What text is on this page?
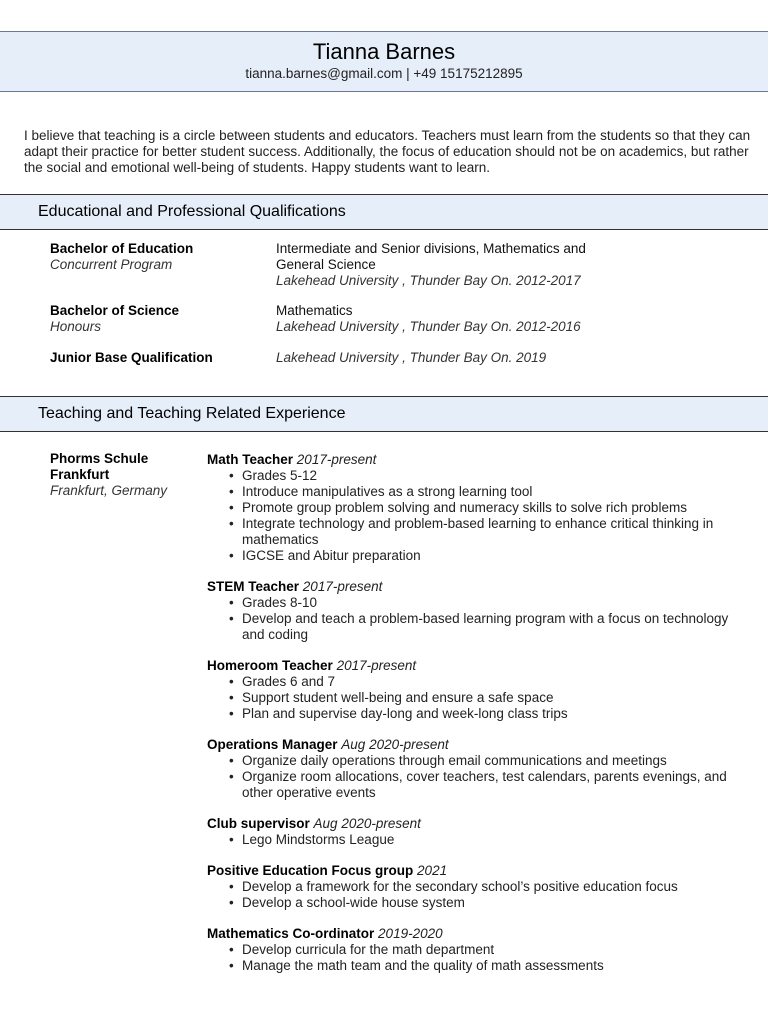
Tianna Barnes
tianna.barnes@gmail.com | +49 15175212895
I believe that teaching is a circle between students and educators. Teachers must learn from the students so that they can adapt their practice for better student success. Additionally, the focus of education should not be on academics, but rather the social and emotional well-being of students. Happy students want to learn.
Educational and Professional Qualifications
Bachelor of Education
Concurrent Program
Intermediate and Senior divisions, Mathematics and General Science
Lakehead University , Thunder Bay On. 2012-2017
Bachelor of Science
Honours
Mathematics
Lakehead University , Thunder Bay On. 2012-2016
Junior Base Qualification	Lakehead University , Thunder Bay On. 2019
Teaching and Teaching Related Experience
Phorms Schule Frankfurt
Frankfurt, Germany
Math Teacher 2017-present
• Grades 5-12
• Introduce manipulatives as a strong learning tool
• Promote group problem solving and numeracy skills to solve rich problems
• Integrate technology and problem-based learning to enhance critical thinking in mathematics
• IGCSE and Abitur preparation
STEM Teacher 2017-present
• Grades 8-10
• Develop and teach a problem-based learning program with a focus on technology and coding
Homeroom Teacher 2017-present
• Grades 6 and 7
• Support student well-being and ensure a safe space
• Plan and supervise day-long and week-long class trips
Operations Manager Aug 2020-present
• Organize daily operations through email communications and meetings
• Organize room allocations, cover teachers, test calendars, parents evenings, and other operative events
Club supervisor Aug 2020-present
• Lego Mindstorms League
Positive Education Focus group 2021
• Develop a framework for the secondary school’s positive education focus
• Develop a school-wide house system
Mathematics Co-ordinator 2019-2020
• Develop curricula for the math department
• Manage the math team and the quality of math assessments
